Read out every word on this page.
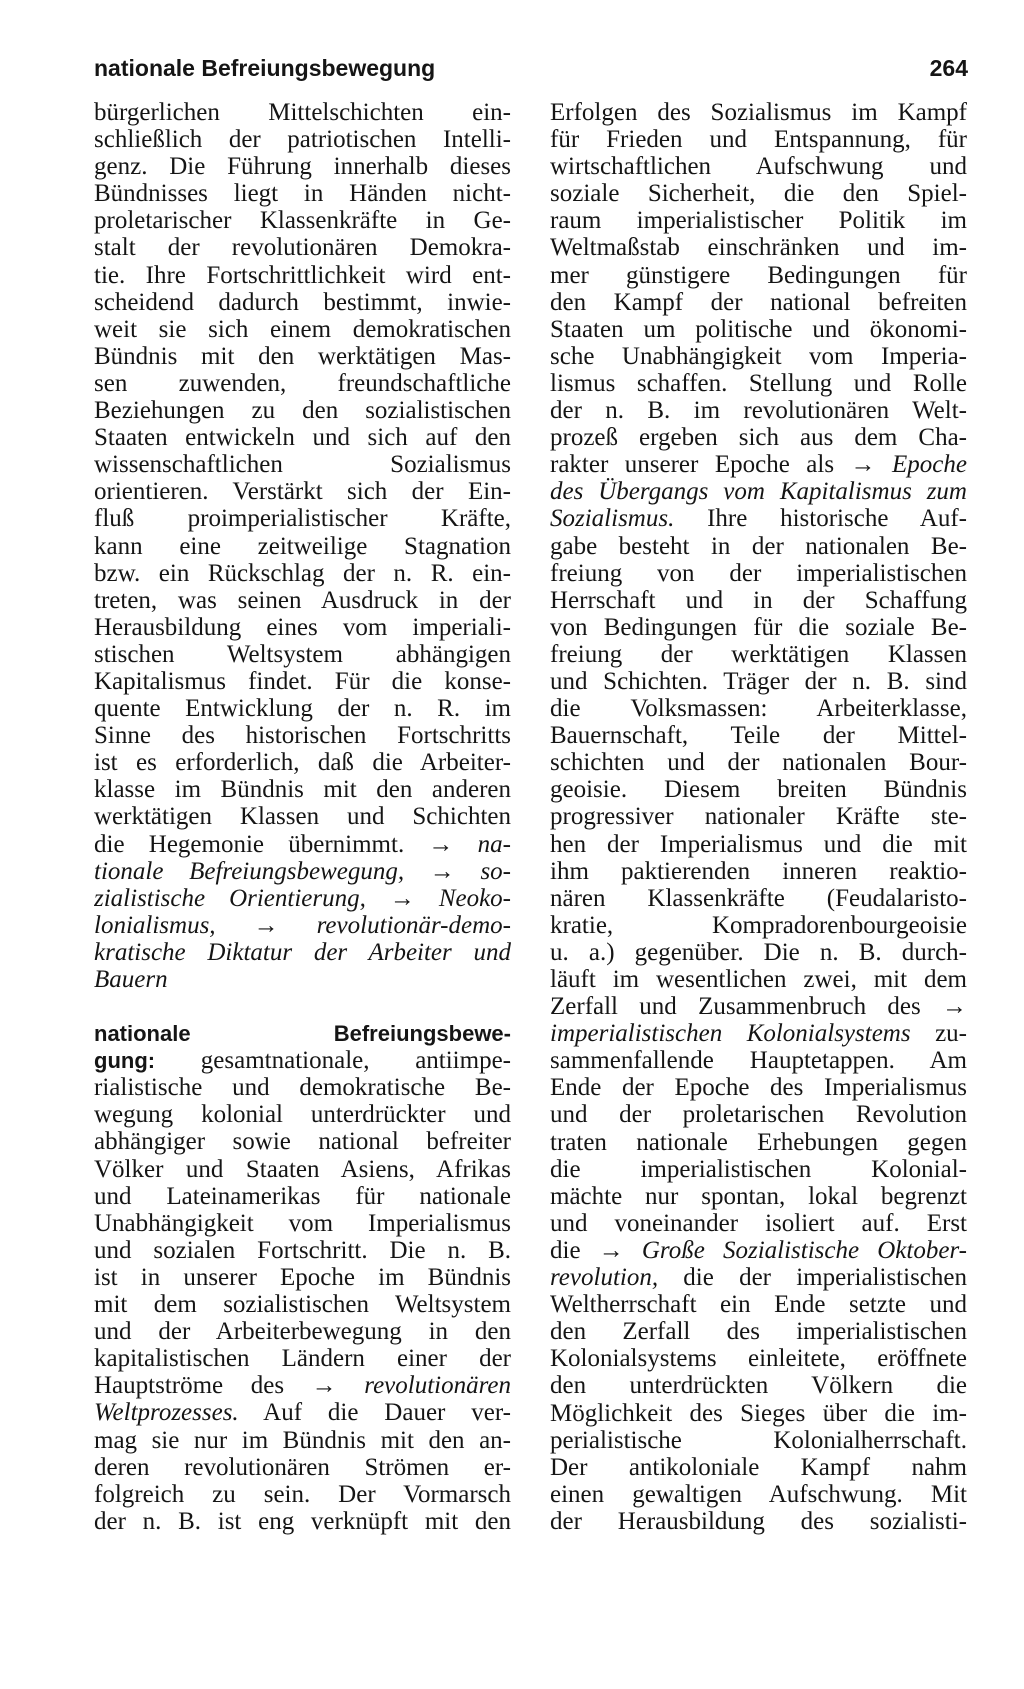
nationale Befreiungsbewegung	264
bürgerlichen Mittelschichten ein-
schließlich der patriotischen Intelli-
genz. Die Führung innerhalb dieses
Bündnisses liegt in Händen nicht-
proletarischer Klassenkräfte in Ge-
stalt der revolutionären Demokra-
tie. Ihre Fortschrittlichkeit wird ent-
scheidend dadurch bestimmt, inwie-
weit sie sich einem demokratischen
Bündnis mit den werktätigen Mas-
sen zuwenden, freundschaftliche
Beziehungen zu den sozialistischen
Staaten entwickeln und sich auf den
wissenschaftlichen Sozialismus
orientieren. Verstärkt sich der Ein-
fluß proimperialistischer Kräfte,
kann eine zeitweilige Stagnation
bzw. ein Rückschlag der n. R. ein-
treten, was seinen Ausdruck in der
Herausbildung eines vom imperiali-
stischen Weltsystem abhängigen
Kapitalismus findet. Für die konse-
quente Entwicklung der n. R. im
Sinne des historischen Fortschritts
ist es erforderlich, daß die Arbeiter-
klasse im Bündnis mit den anderen
werktätigen Klassen und Schichten
die Hegemonie übernimmt. → na-
tionale Befreiungsbewegung, → so-
zialistische Orientierung, → Neoko-
lonialismus, → revolutionär-demo-
kratische Diktatur der Arbeiter und
Bauern
nationale Befreiungsbewe-
gung: gesamtnationale, antiimpe-
rialistische und demokratische Be-
wegung kolonial unterdrückter und
abhängiger sowie national befreiter
Völker und Staaten Asiens, Afrikas
und Lateinamerikas für nationale
Unabhängigkeit vom Imperialismus
und sozialen Fortschritt. Die n. B.
ist in unserer Epoche im Bündnis
mit dem sozialistischen Weltsystem
und der Arbeiterbewegung in den
kapitalistischen Ländern einer der
Hauptströme des → revolutionären
Weltprozesses. Auf die Dauer ver-
mag sie nur im Bündnis mit den an-
deren revolutionären Strömen er-
folgreich zu sein. Der Vormarsch
der n. B. ist eng verknüpft mit den
Erfolgen des Sozialismus im Kampf
für Frieden und Entspannung, für
wirtschaftlichen Aufschwung und
soziale Sicherheit, die den Spiel-
raum imperialistischer Politik im
Weltmaßstab einschränken und im-
mer günstigere Bedingungen für
den Kampf der national befreiten
Staaten um politische und ökonomi-
sche Unabhängigkeit vom Imperia-
lismus schaffen. Stellung und Rolle
der n. B. im revolutionären Welt-
prozeß ergeben sich aus dem Cha-
rakter unserer Epoche als → Epoche
des Übergangs vom Kapitalismus zum
Sozialismus. Ihre historische Auf-
gabe besteht in der nationalen Be-
freiung von der imperialistischen
Herrschaft und in der Schaffung
von Bedingungen für die soziale Be-
freiung der werktätigen Klassen
und Schichten. Träger der n. B. sind
die Volksmassen: Arbeiterklasse,
Bauernschaft, Teile der Mittel-
schichten und der nationalen Bour-
geoisie. Diesem breiten Bündnis
progressiver nationaler Kräfte ste-
hen der Imperialismus und die mit
ihm paktierenden inneren reaktio-
nären Klassenkräfte (Feudalaristo-
kratie, Kompradorenbourgeoisie
u. a.) gegenüber. Die n. B. durch-
läuft im wesentlichen zwei, mit dem
Zerfall und Zusammenbruch des →
imperialistischen Kolonialsystems zu-
sammenfallende Hauptetappen. Am
Ende der Epoche des Imperialismus
und der proletarischen Revolution
traten nationale Erhebungen gegen
die imperialistischen Kolonial-
mächte nur spontan, lokal begrenzt
und voneinander isoliert auf. Erst
die → Große Sozialistische Oktober-
revolution, die der imperialistischen
Weltherrschaft ein Ende setzte und
den Zerfall des imperialistischen
Kolonialsystems einleitete, eröffnete
den unterdrückten Völkern die
Möglichkeit des Sieges über die im-
perialistische Kolonialherrschaft.
Der antikoloniale Kampf nahm
einen gewaltigen Aufschwung. Mit
der Herausbildung des sozialisti-
